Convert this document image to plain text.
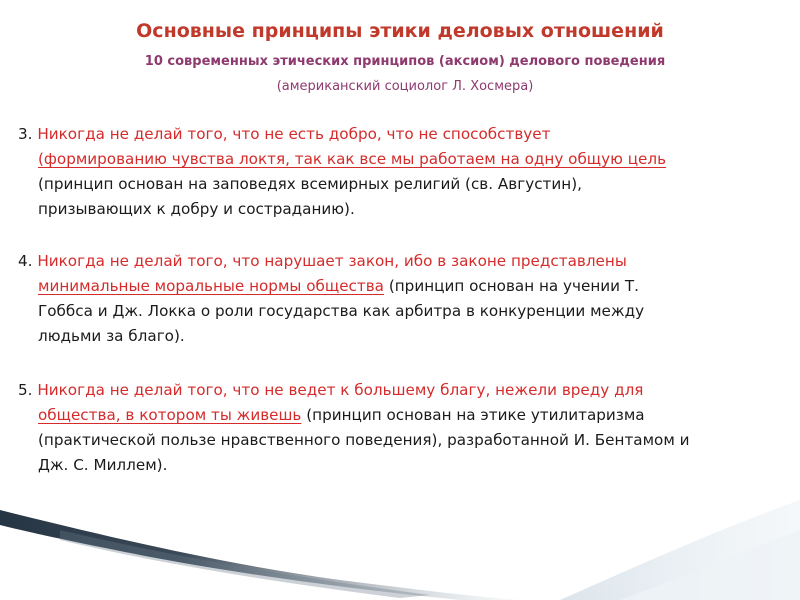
Основные принципы этики деловых отношений
10 современных этических принципов (аксиом) делового поведения
(американский социолог Л. Хосмера)
3. Никогда не делай того, что не есть добро, что не способствует
(формированию чувства локтя, так как все мы работаем на одну общую цель
(принцип основан на заповедях всемирных религий (св. Августин),
призывающих к добру и состраданию).
4. Никогда не делай того, что нарушает закон, ибо в законе представлены
минимальные моральные нормы общества (принцип основан на учении Т.
Гоббса и Дж. Локка о роли государства как арбитра в конкуренции между
людьми за благо).
5. Никогда не делай того, что не ведет к большему благу, нежели вреду для
общества, в котором ты живешь (принцип основан на этике утилитаризма
(практической пользе нравственного поведения), разработанной И. Бентамом и
Дж. С. Миллем).
